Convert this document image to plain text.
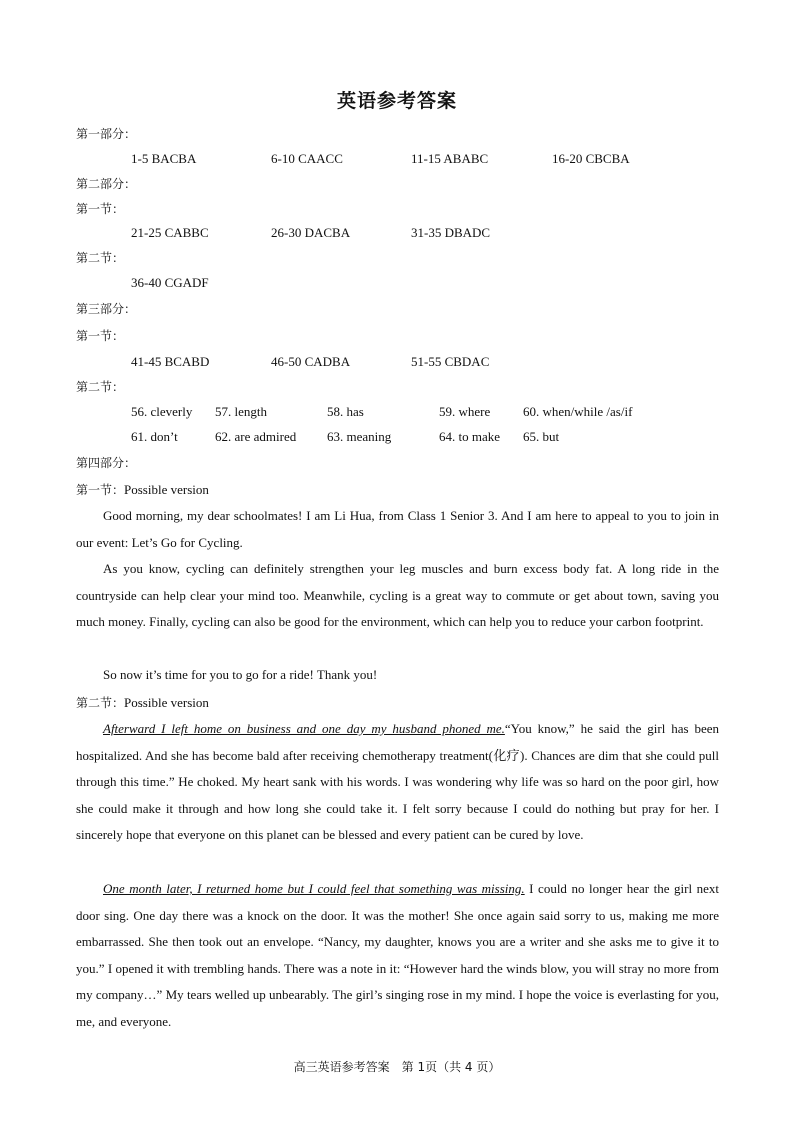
英语参考答案
第一部分：
1-5 BACBA	6-10 CAACC	11-15 ABABC	16-20 CBCBA
第二部分：
第一节：
21-25 CABBC	26-30 DACBA	31-35 DBADC
第二节：
36-40 CGADF
第三部分：
第一节：
41-45 BCABD	46-50 CADBA	51-55 CBDAC
第二节：
56. cleverly 57. length	58. has	59. where	60. when/while /as/if
61. don’t	62. are admired 63. meaning	64. to make 65. but
第四部分：
第一节：Possible version
Good morning, my dear schoolmates! I am Li Hua, from Class 1 Senior 3. And I am here to appeal to you to join in our event: Let’s Go for Cycling.
As you know, cycling can definitely strengthen your leg muscles and burn excess body fat. A long ride in the countryside can help clear your mind too. Meanwhile, cycling is a great way to commute or get about town, saving you much money. Finally, cycling can also be good for the environment, which can help you to reduce your carbon footprint.
So now it’s time for you to go for a ride! Thank you!
第二节：Possible version
Afterward I left home on business and one day my husband phoned me.“You know,” he said the girl has been hospitalized. And she has become bald after receiving chemotherapy treatment(化疗). Chances are dim that she could pull through this time.” He choked. My heart sank with his words. I was wondering why life was so hard on the poor girl, how she could make it through and how long she could take it. I felt sorry because I could do nothing but pray for her. I sincerely hope that everyone on this planet can be blessed and every patient can be cured by love.
One month later, I returned home but I could feel that something was missing. I could no longer hear the girl next door sing. One day there was a knock on the door. It was the mother! She once again said sorry to us, making me more embarrassed. She then took out an envelope. “Nancy, my daughter, knows you are a writer and she asks me to give it to you.” I opened it with trembling hands. There was a note in it: “However hard the winds blow, you will stray no more from my company…” My tears welled up unbearably. The girl’s singing rose in my mind. I hope the voice is everlasting for you, me, and everyone.
高三英语参考答案　第 1页（共 4 页）
